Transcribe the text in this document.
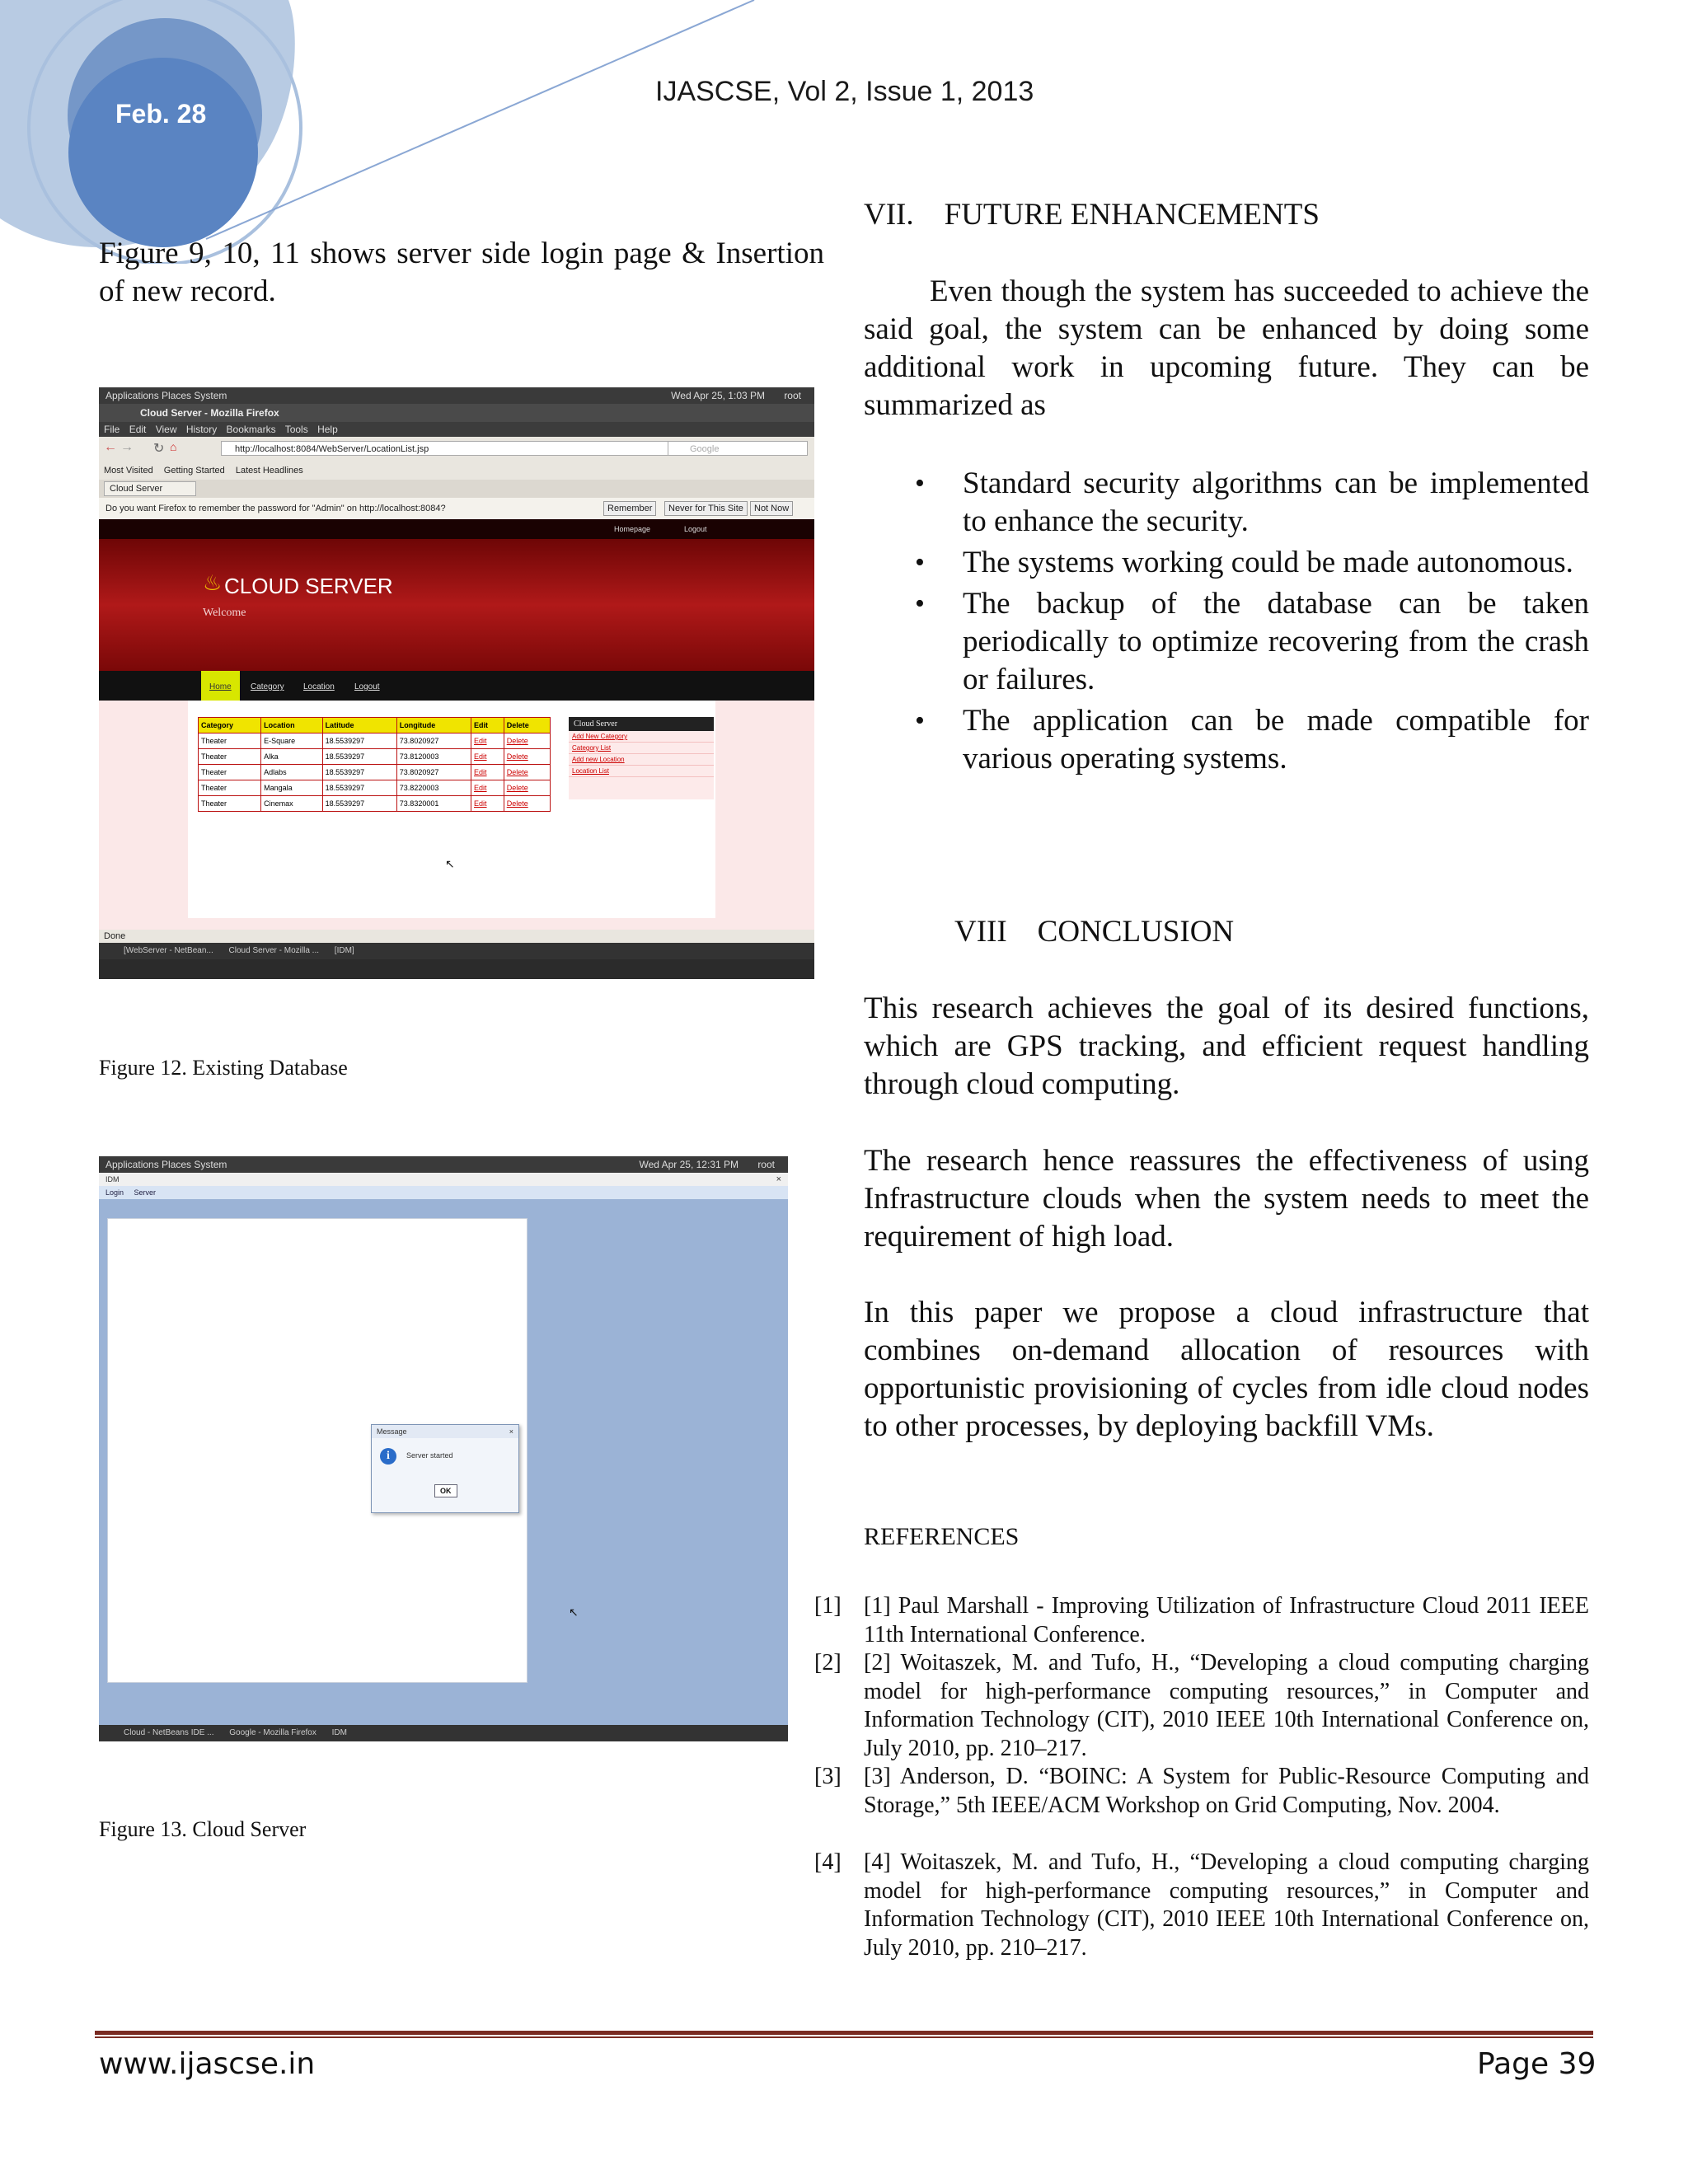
Feb. 28
IJASCSE, Vol 2, Issue 1, 2013
Figure 9, 10, 11 shows server side login page & Insertion of new record.
Applications Places System	Wed Apr 25, 1:03 PM root
Cloud Server - Mozilla Firefox
File Edit View History Bookmarks Tools Help
← → ↻ ⌂	http://localhost:8084/WebServer/LocationList.jsp	Google
Most Visited Getting Started Latest Headlines
Cloud Server
Do you want Firefox to remember the password for "Admin" on http://localhost:8084?	Remember	Never for This Site	Not Now
Homepage	Logout
♨ CLOUD SERVER
Welcome
Home	Category Location Logout
Category	Location	Latitude	Longitude	Edit	Delete
Theater	E-Square	18.5539297	73.8020927	Edit	Delete
Theater	Alka	18.5539297	73.8120003	Edit	Delete
Theater	Adlabs	18.5539297	73.8020927	Edit	Delete
Theater	Mangala	18.5539297	73.8220003	Edit	Delete
Theater	Cinemax	18.5539297	73.8320001	Edit	Delete
Cloud Server
Add New Category
Category List
Add new Location
Location List
↖
Done
[WebServer - NetBean... Cloud Server - Mozilla ... [IDM]
Figure 12. Existing Database
Applications Places System	Wed Apr 25, 12:31 PM root
IDM	×
Login Server
Message	×
i	Server started
OK
↖
Cloud - NetBeans IDE ... Google - Mozilla Firefox IDM
Figure 13. Cloud Server
VII.    FUTURE ENHANCEMENTS
Even though the system has succeeded to achieve the said goal, the system can be enhanced by doing some additional work in upcoming future. They can be summarized as
• Standard security algorithms can be implemented to enhance the security.
• The systems working could be made autonomous.
• The backup of the database can be taken periodically to optimize recovering from the crash or failures.
• The application can be made compatible for various operating systems.
VIII    CONCLUSION
This research achieves the goal of its desired functions, which are GPS tracking, and efficient request handling through cloud computing.
The research hence reassures the effectiveness of using Infrastructure clouds when the system needs to meet the requirement of high load.
In this paper we propose a cloud infrastructure that combines on-demand allocation of resources with opportunistic provisioning of cycles from idle cloud nodes to other processes, by deploying backfill VMs.
REFERENCES
[1] [1] Paul Marshall - Improving Utilization of Infrastructure Cloud 2011 IEEE 11th International Conference.
[2] [2] Woitaszek, M. and Tufo, H., “Developing a cloud computing charging model for high-performance computing resources,” in Computer and Information Technology (CIT), 2010 IEEE 10th International Conference on, July 2010, pp. 210–217.
[3] [3] Anderson, D. “BOINC: A System for Public-Resource Computing and Storage,” 5th IEEE/ACM Workshop on Grid Computing, Nov. 2004.
[4] [4] Woitaszek, M. and Tufo, H., “Developing a cloud computing charging model for high-performance computing resources,” in Computer and Information Technology (CIT), 2010 IEEE 10th International Conference on, July 2010, pp. 210–217.
www.ijascse.in	Page 39
